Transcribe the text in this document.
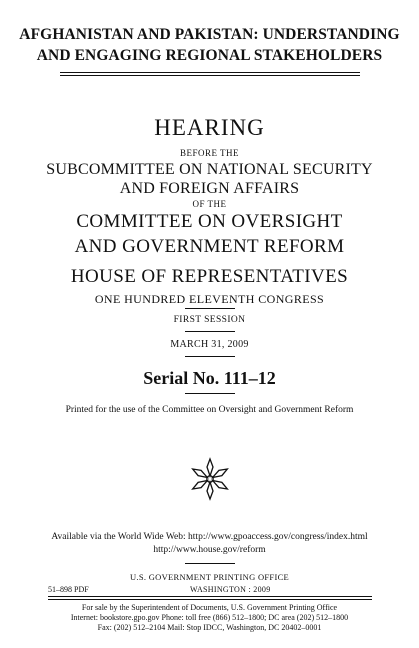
AFGHANISTAN AND PAKISTAN: UNDERSTANDING
AND ENGAGING REGIONAL STAKEHOLDERS
HEARING
BEFORE THE
SUBCOMMITTEE ON NATIONAL SECURITY
AND FOREIGN AFFAIRS
OF THE
COMMITTEE ON OVERSIGHT
AND GOVERNMENT REFORM
HOUSE OF REPRESENTATIVES
ONE HUNDRED ELEVENTH CONGRESS
FIRST SESSION
MARCH 31, 2009
Serial No. 111–12
Printed for the use of the Committee on Oversight and Government Reform
Available via the World Wide Web: http://www.gpoaccess.gov/congress/index.html
http://www.house.gov/reform
U.S. GOVERNMENT PRINTING OFFICE
51–898 PDF	WASHINGTON : 2009
For sale by the Superintendent of Documents, U.S. Government Printing Office
Internet: bookstore.gpo.gov Phone: toll free (866) 512–1800; DC area (202) 512–1800
Fax: (202) 512–2104 Mail: Stop IDCC, Washington, DC 20402–0001
